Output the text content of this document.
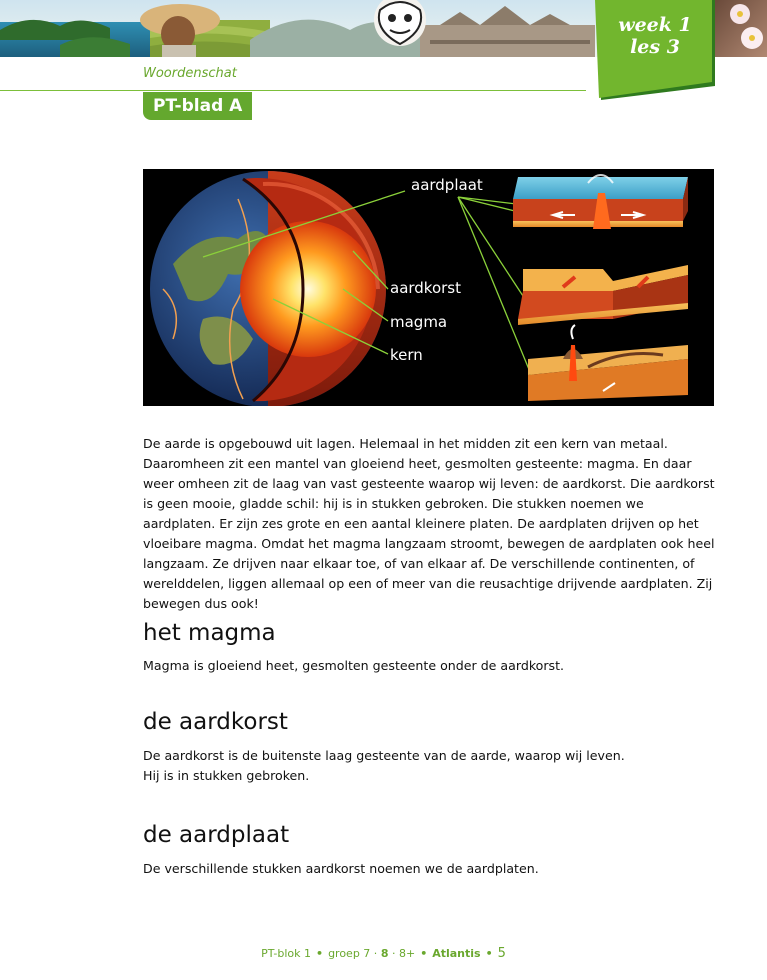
week 1
les 3
Woordenschat
PT-blad A
aardplaat
aardkorst
magma
kern

De aarde is opgebouwd uit lagen. Helemaal in het midden zit een kern van metaal. Daaromheen zit een mantel van gloeiend heet, gesmolten gesteente: magma. En daar weer omheen zit de laag van vast gesteente waarop wij leven: de aardkorst. Die aardkorst is geen mooie, gladde schil: hij is in stukken gebroken. Die stukken noemen we aardplaten. Er zijn zes grote en een aantal kleinere platen. De aardplaten drijven op het vloeibare magma. Omdat het magma langzaam stroomt, bewegen de aardplaten ook heel langzaam. Ze drijven naar elkaar toe, of van elkaar af. De verschillende continenten, of werelddelen, liggen allemaal op een of meer van die reusachtige drijvende aardplaten. Zij bewegen dus ook!

het magma

Magma is gloeiend heet, gesmolten gesteente onder de aardkorst.

de aardkorst
De aardkorst is de buitenste laag gesteente van de aarde, waarop wij leven.
Hij is in stukken gebroken.
de aardplaat

De verschillende stukken aardkorst noemen we de aardplaten.

PT-blok 1 • groep 7 · 8 · 8+ • Atlantis • 5
